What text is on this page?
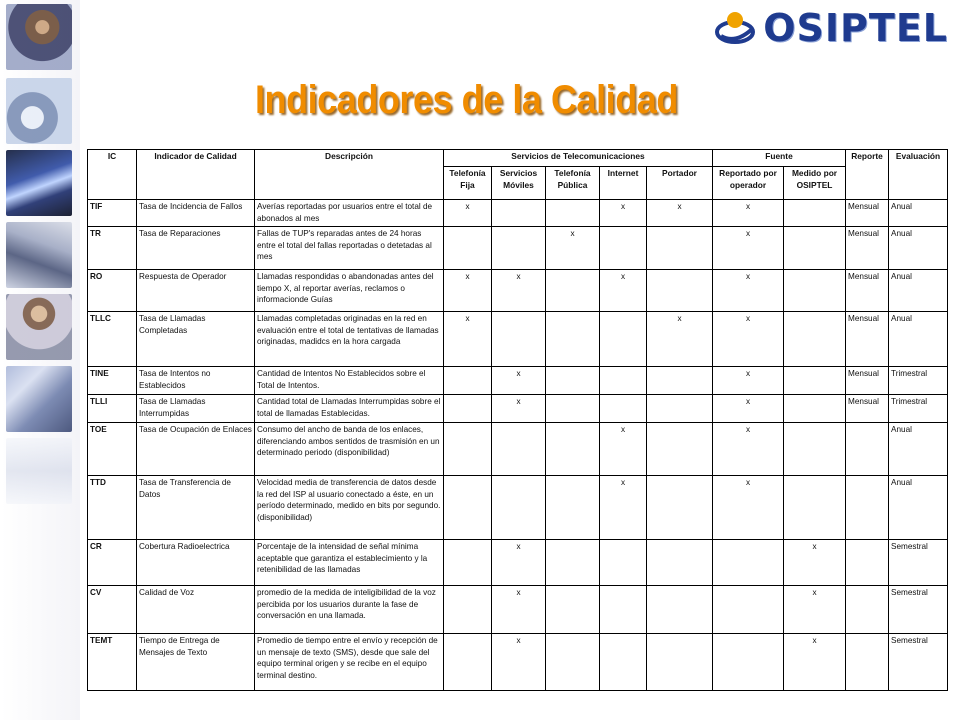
OSIPTEL
Indicadores de la Calidad
IC	Indicador de Calidad	Descripción	Servicios de Telecomunicaciones					Fuente		Reporte	Evaluación
			Telefonía Fija	Servicios Móviles	Telefonía Pública	Internet	Portador	Reportado por operador	Medido por OSIPTEL		
TIF	Tasa de Incidencia de Fallos	Averías reportadas por usuarios entre el total de abonados al mes	x			x	x	x		Mensual	Anual
TR	Tasa de Reparaciones	Fallas de TUP's reparadas antes de 24 horas entre el total del fallas reportadas o detetadas al mes			x			x		Mensual	Anual
RO	Respuesta de Operador	Llamadas respondidas o abandonadas antes del tiempo X, al reportar averías, reclamos o informacionde Guías	x	x		x		x		Mensual	Anual
TLLC	Tasa de Llamadas Completadas	Llamadas completadas originadas en la red en evaluación entre el total de tentativas de llamadas originadas, madidcs en la hora cargada	x				x	x		Mensual	Anual
TINE	Tasa de Intentos no Establecidos	Cantidad de Intentos No Establecidos sobre el Total de Intentos.		x				x		Mensual	Trimestral
TLLI	Tasa de Llamadas Interrumpidas	Cantidad total de Llamadas Interrumpidas sobre el total de llamadas Establecidas.		x				x		Mensual	Trimestral
TOE	Tasa de Ocupación de Enlaces	Consumo del ancho de banda de los enlaces, diferenciando ambos sentidos de trasmisión en un determinado periodo (disponibilidad)				x		x			Anual
TTD	Tasa de Transferencia de Datos	Velocidad media de transferencia de datos desde la red del ISP al usuario conectado a éste, en un período determinado, medido en bits por segundo. (disponibilidad)				x		x			Anual
CR	Cobertura Radioelectrica	Porcentaje de la intensidad de señal mínima aceptable que garantiza el establecimiento y la retenibilidad de las llamadas		x					x		Semestral
CV	Calidad de Voz	promedio de la medida de inteligibilidad de la voz percibida por los usuarios durante la fase de conversación en una llamada.		x					x		Semestral
TEMT	Tiempo de Entrega de Mensajes de Texto	Promedio de tiempo entre el envío y recepción de un mensaje de texto (SMS), desde que sale del equipo terminal origen y se recibe en el equipo terminal destino.		x					x		Semestral
